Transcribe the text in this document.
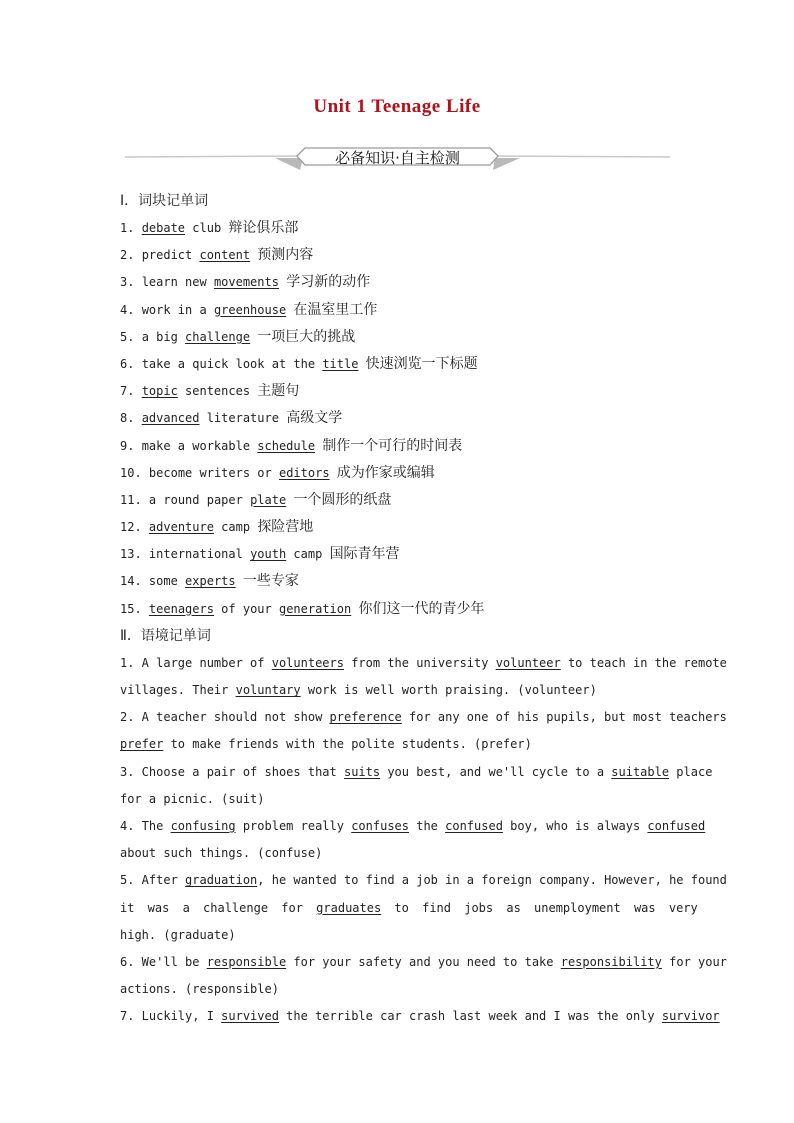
Unit 1 Teenage Life
必备知识·自主检测
Ⅰ．词块记单词
1. debate club 辩论俱乐部
2. predict content 预测内容
3. learn new movements 学习新的动作
4. work in a greenhouse 在温室里工作
5. a big challenge 一项巨大的挑战
6. take a quick look at the title 快速浏览一下标题
7. topic sentences 主题句
8. advanced literature 高级文学
9. make a workable schedule 制作一个可行的时间表
10. become writers or editors 成为作家或编辑
11. a round paper plate 一个圆形的纸盘
12. adventure camp 探险营地
13. international youth camp 国际青年营
14. some experts 一些专家
15. teenagers of your generation 你们这一代的青少年
Ⅱ．语境记单词
1. A large number of volunteers from the university volunteer to teach in the remote
villages. Their voluntary work is well worth praising. (volunteer)
2. A teacher should not show preference for any one of his pupils, but most teachers
prefer to make friends with the polite students. (prefer)
3. Choose a pair of shoes that suits you best, and we'll cycle to a suitable place
for a picnic. (suit)
4. The confusing problem really confuses the confused boy, who is always confused
about such things. (confuse)
5. After graduation, he wanted to find a job in a foreign company. However, he found
it was a challenge for graduates to find jobs as unemployment was very
high. (graduate)
6. We'll be responsible for your safety and you need to take responsibility for your
actions. (responsible)
7. Luckily, I survived the terrible car crash last week and I was the only survivor
